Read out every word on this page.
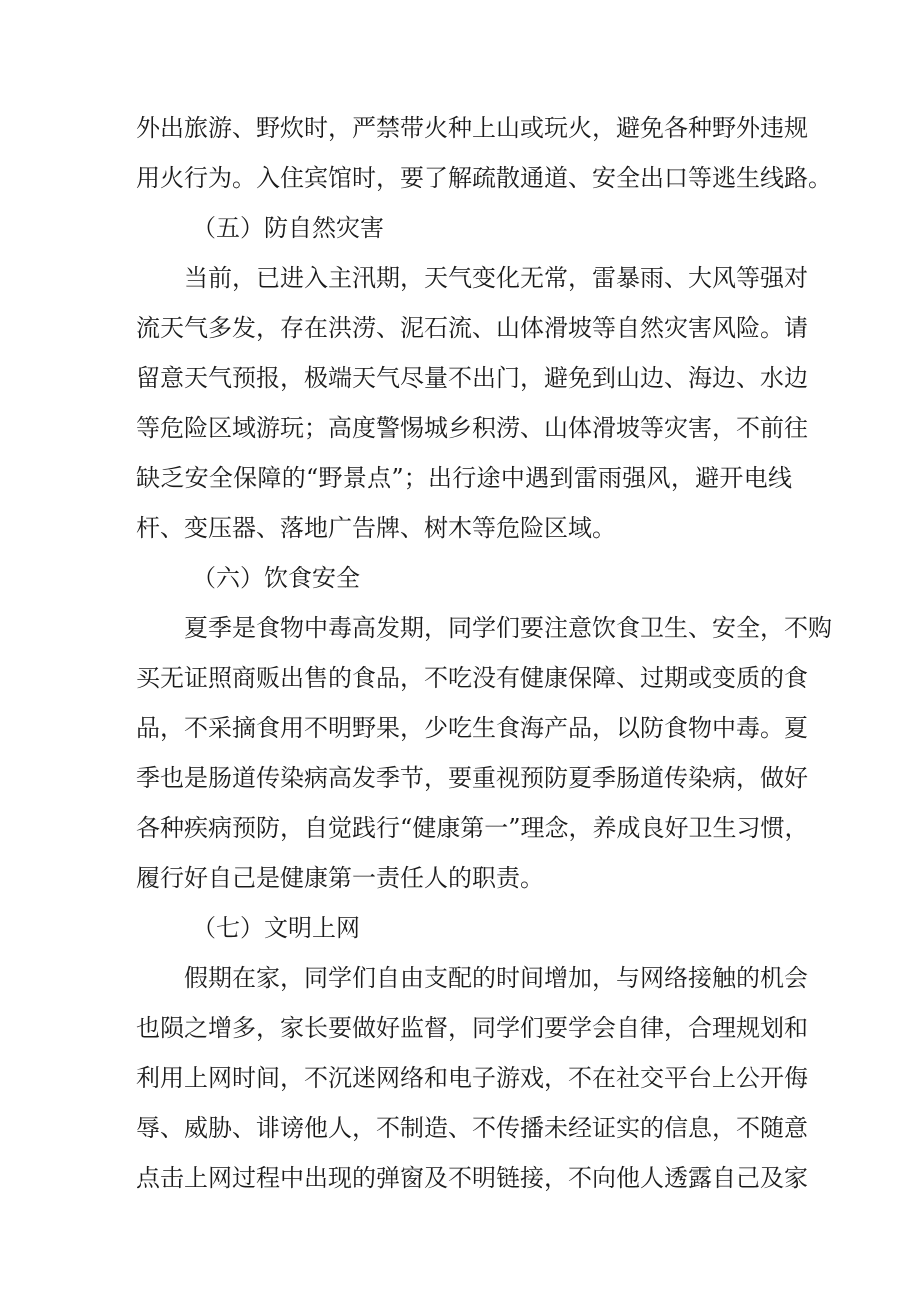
外出旅游、野炊时，严禁带火种上山或玩火，避免各种野外违规
用火行为。入住宾馆时，要了解疏散通道、安全出口等逃生线路。

（五）防自然灾害

当前，已进入主汛期，天气变化无常，雷暴雨、大风等强对
流天气多发，存在洪涝、泥石流、山体滑坡等自然灾害风险。请
留意天气预报，极端天气尽量不出门，避免到山边、海边、水边
等危险区域游玩；高度警惕城乡积涝、山体滑坡等灾害，不前往
缺乏安全保障的“野景点”；出行途中遇到雷雨强风，避开电线
杆、变压器、落地广告牌、树木等危险区域。

（六）饮食安全

夏季是食物中毒高发期，同学们要注意饮食卫生、安全，不购
买无证照商贩出售的食品，不吃没有健康保障、过期或变质的食
品，不采摘食用不明野果，少吃生食海产品，以防食物中毒。夏
季也是肠道传染病高发季节，要重视预防夏季肠道传染病，做好
各种疾病预防，自觉践行“健康第一”理念，养成良好卫生习惯，
履行好自己是健康第一责任人的职责。

（七）文明上网

假期在家，同学们自由支配的时间增加，与网络接触的机会
也陨之增多，家长要做好监督，同学们要学会自律，合理规划和
利用上网时间，不沉迷网络和电子游戏，不在社交平台上公开侮
辱、威胁、诽谤他人，不制造、不传播未经证实的信息，不随意
点击上网过程中出现的弹窗及不明链接，不向他人透露自己及家
